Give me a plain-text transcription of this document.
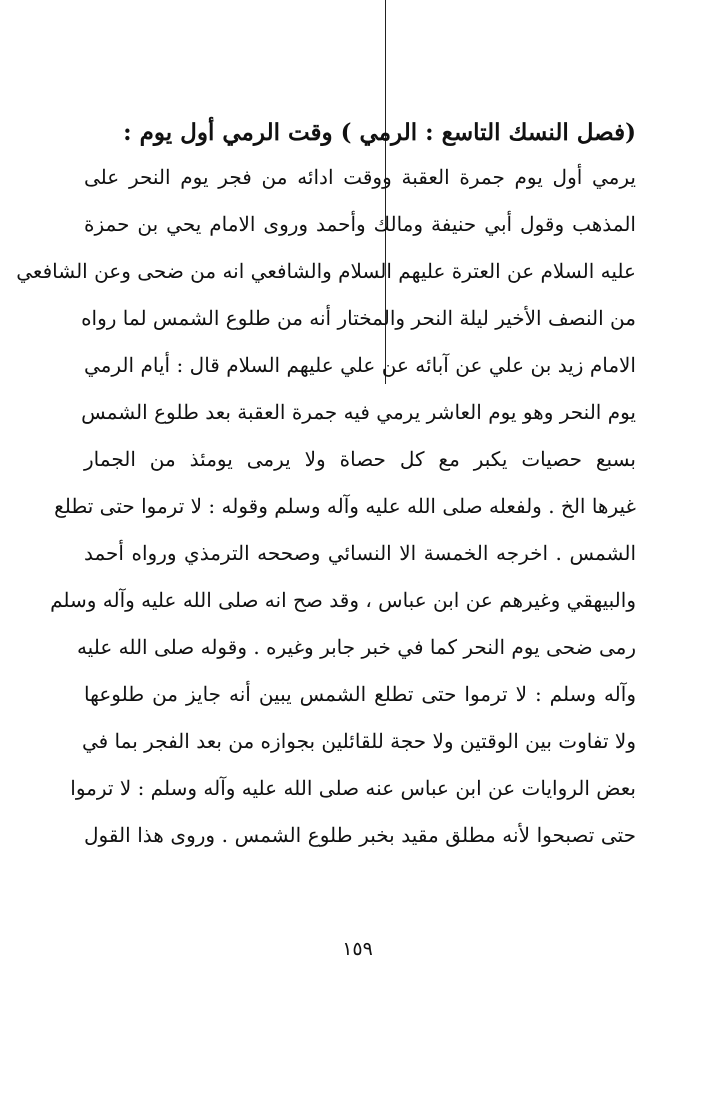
(فصل النسك التاسع : الرمي ) وقت الرمي أول يوم :

يرمي أول يوم جمرة العقبة ووقت ادائه من فجر يوم النحر على

المذهب وقول أبي حنيفة ومالك وأحمد وروى الامام يحي بن حمزة

عليه السلام عن العترة عليهم السلام والشافعي انه من ضحى وعن الشافعي

من النصف الأخير ليلة النحر والمختار أنه من طلوع الشمس لما رواه

الامام زيد بن علي عن آبائه عن علي عليهم السلام قال : أيام الرمي

يوم النحر وهو يوم العاشر يرمي فيه جمرة العقبة بعد طلوع الشمس

بسبع حصيات يكبر مع كل حصاة ولا يرمى يومئذ من الجمار

غيرها الخ . ولفعله صلى الله عليه وآله وسلم وقوله : لا ترموا حتى تطلع

الشمس . اخرجه الخمسة الا النسائي وصححه الترمذي ورواه أحمد

والبيهقي وغيرهم عن ابن عباس ، وقد صح انه صلى الله عليه وآله وسلم

رمى ضحى يوم النحر كما في خبر جابر وغيره . وقوله صلى الله عليه

وآله وسلم : لا ترموا حتى تطلع الشمس يبين أنه جايز من طلوعها

ولا تفاوت بين الوقتين ولا حجة للقائلين بجوازه من بعد الفجر بما في

بعض الروايات عن ابن عباس عنه صلى الله عليه وآله وسلم : لا ترموا

حتى تصبحوا لأنه مطلق مقيد بخبر طلوع الشمس . وروى هذا القول

١٥٩
